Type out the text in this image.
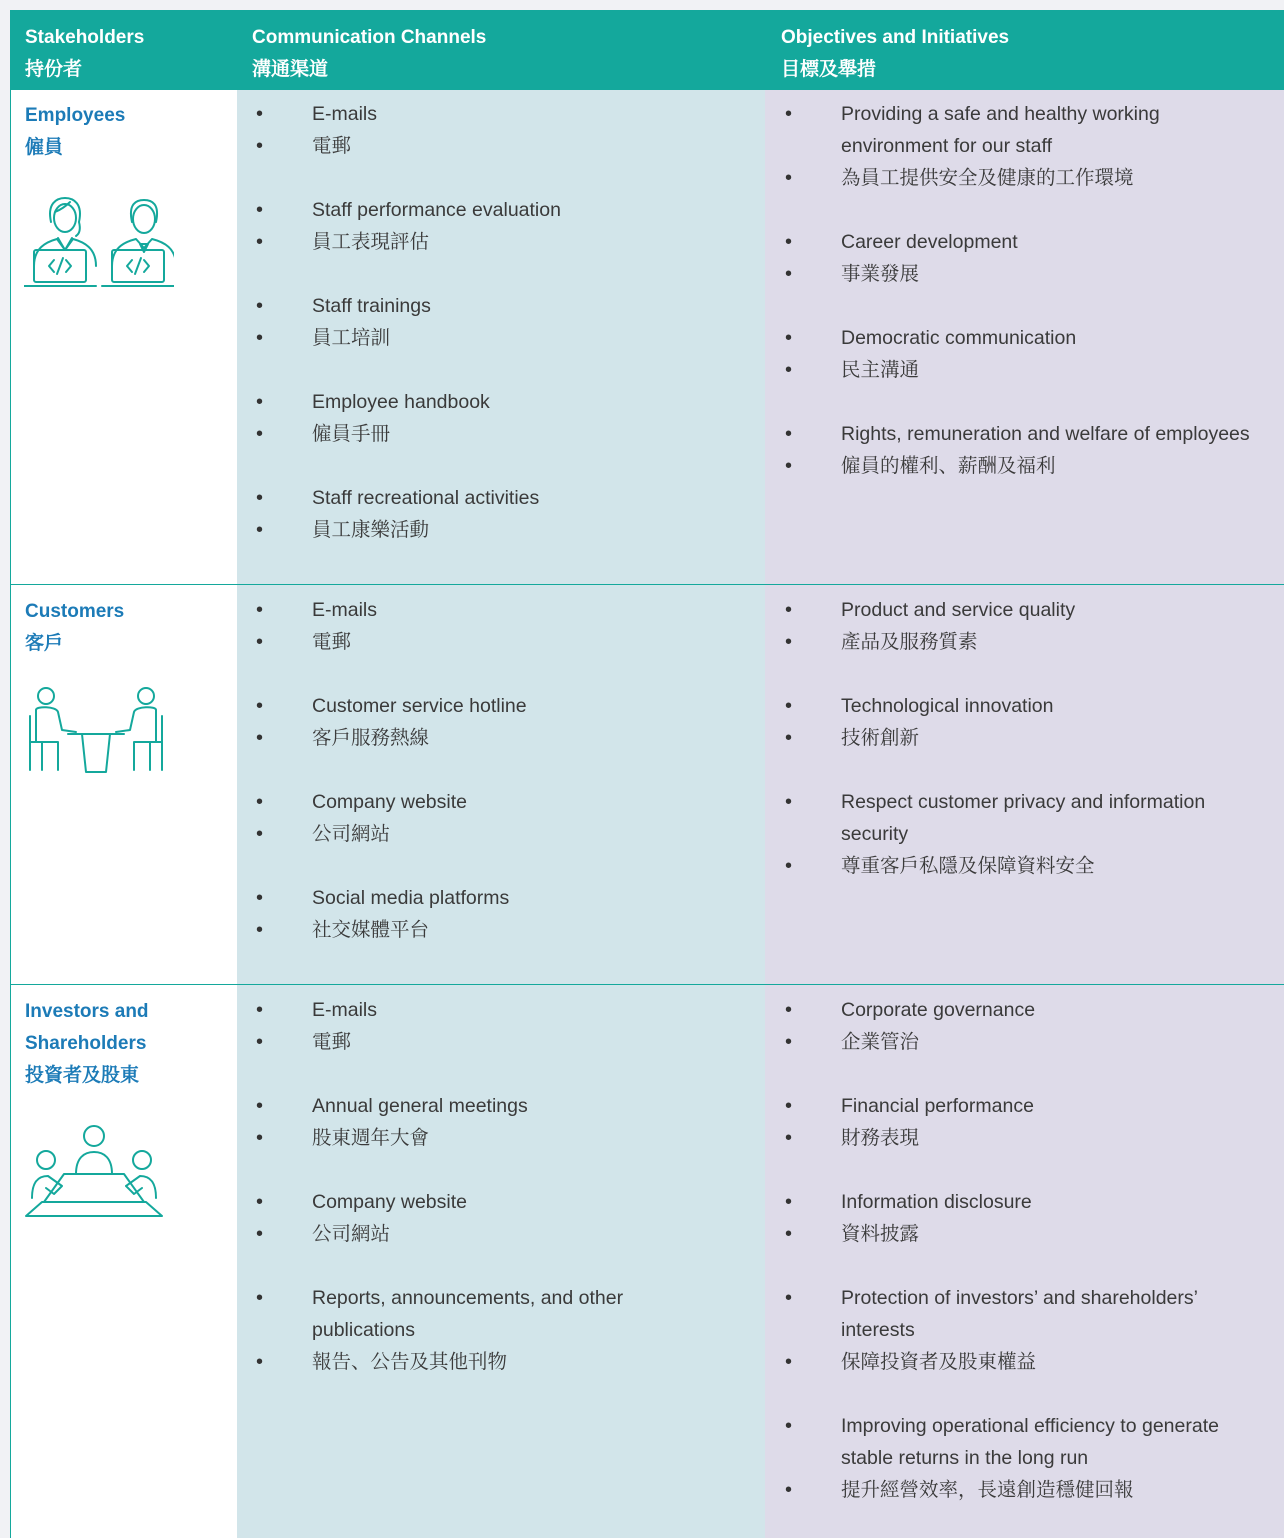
Stakeholders
持份者
Communication Channels
溝通渠道
Objectives and Initiatives
目標及舉措
Employees
僱員
• E-mails
• 電郵
• Staff performance evaluation
• 員工表現評估
• Staff trainings
• 員工培訓
• Employee handbook
• 僱員手冊
• Staff recreational activities
• 員工康樂活動
• Providing a safe and healthy working environment for our staff
• 為員工提供安全及健康的工作環境
• Career development
• 事業發展
• Democratic communication
• 民主溝通
• Rights, remuneration and welfare of employees
• 僱員的權利、薪酬及福利
Customers
客戶
• E-mails
• 電郵
• Customer service hotline
• 客戶服務熱線
• Company website
• 公司網站
• Social media platforms
• 社交媒體平台
• Product and service quality
• 產品及服務質素
• Technological innovation
• 技術創新
• Respect customer privacy and information security
• 尊重客戶私隱及保障資料安全
Investors and Shareholders
投資者及股東
• E-mails
• 電郵
• Annual general meetings
• 股東週年大會
• Company website
• 公司網站
• Reports, announcements, and other publications
• 報告、公告及其他刊物
• Corporate governance
• 企業管治
• Financial performance
• 財務表現
• Information disclosure
• 資料披露
• Protection of investors’ and shareholders’ interests
• 保障投資者及股東權益
• Improving operational efficiency to generate stable returns in the long run
• 提升經營效率，長遠創造穩健回報
